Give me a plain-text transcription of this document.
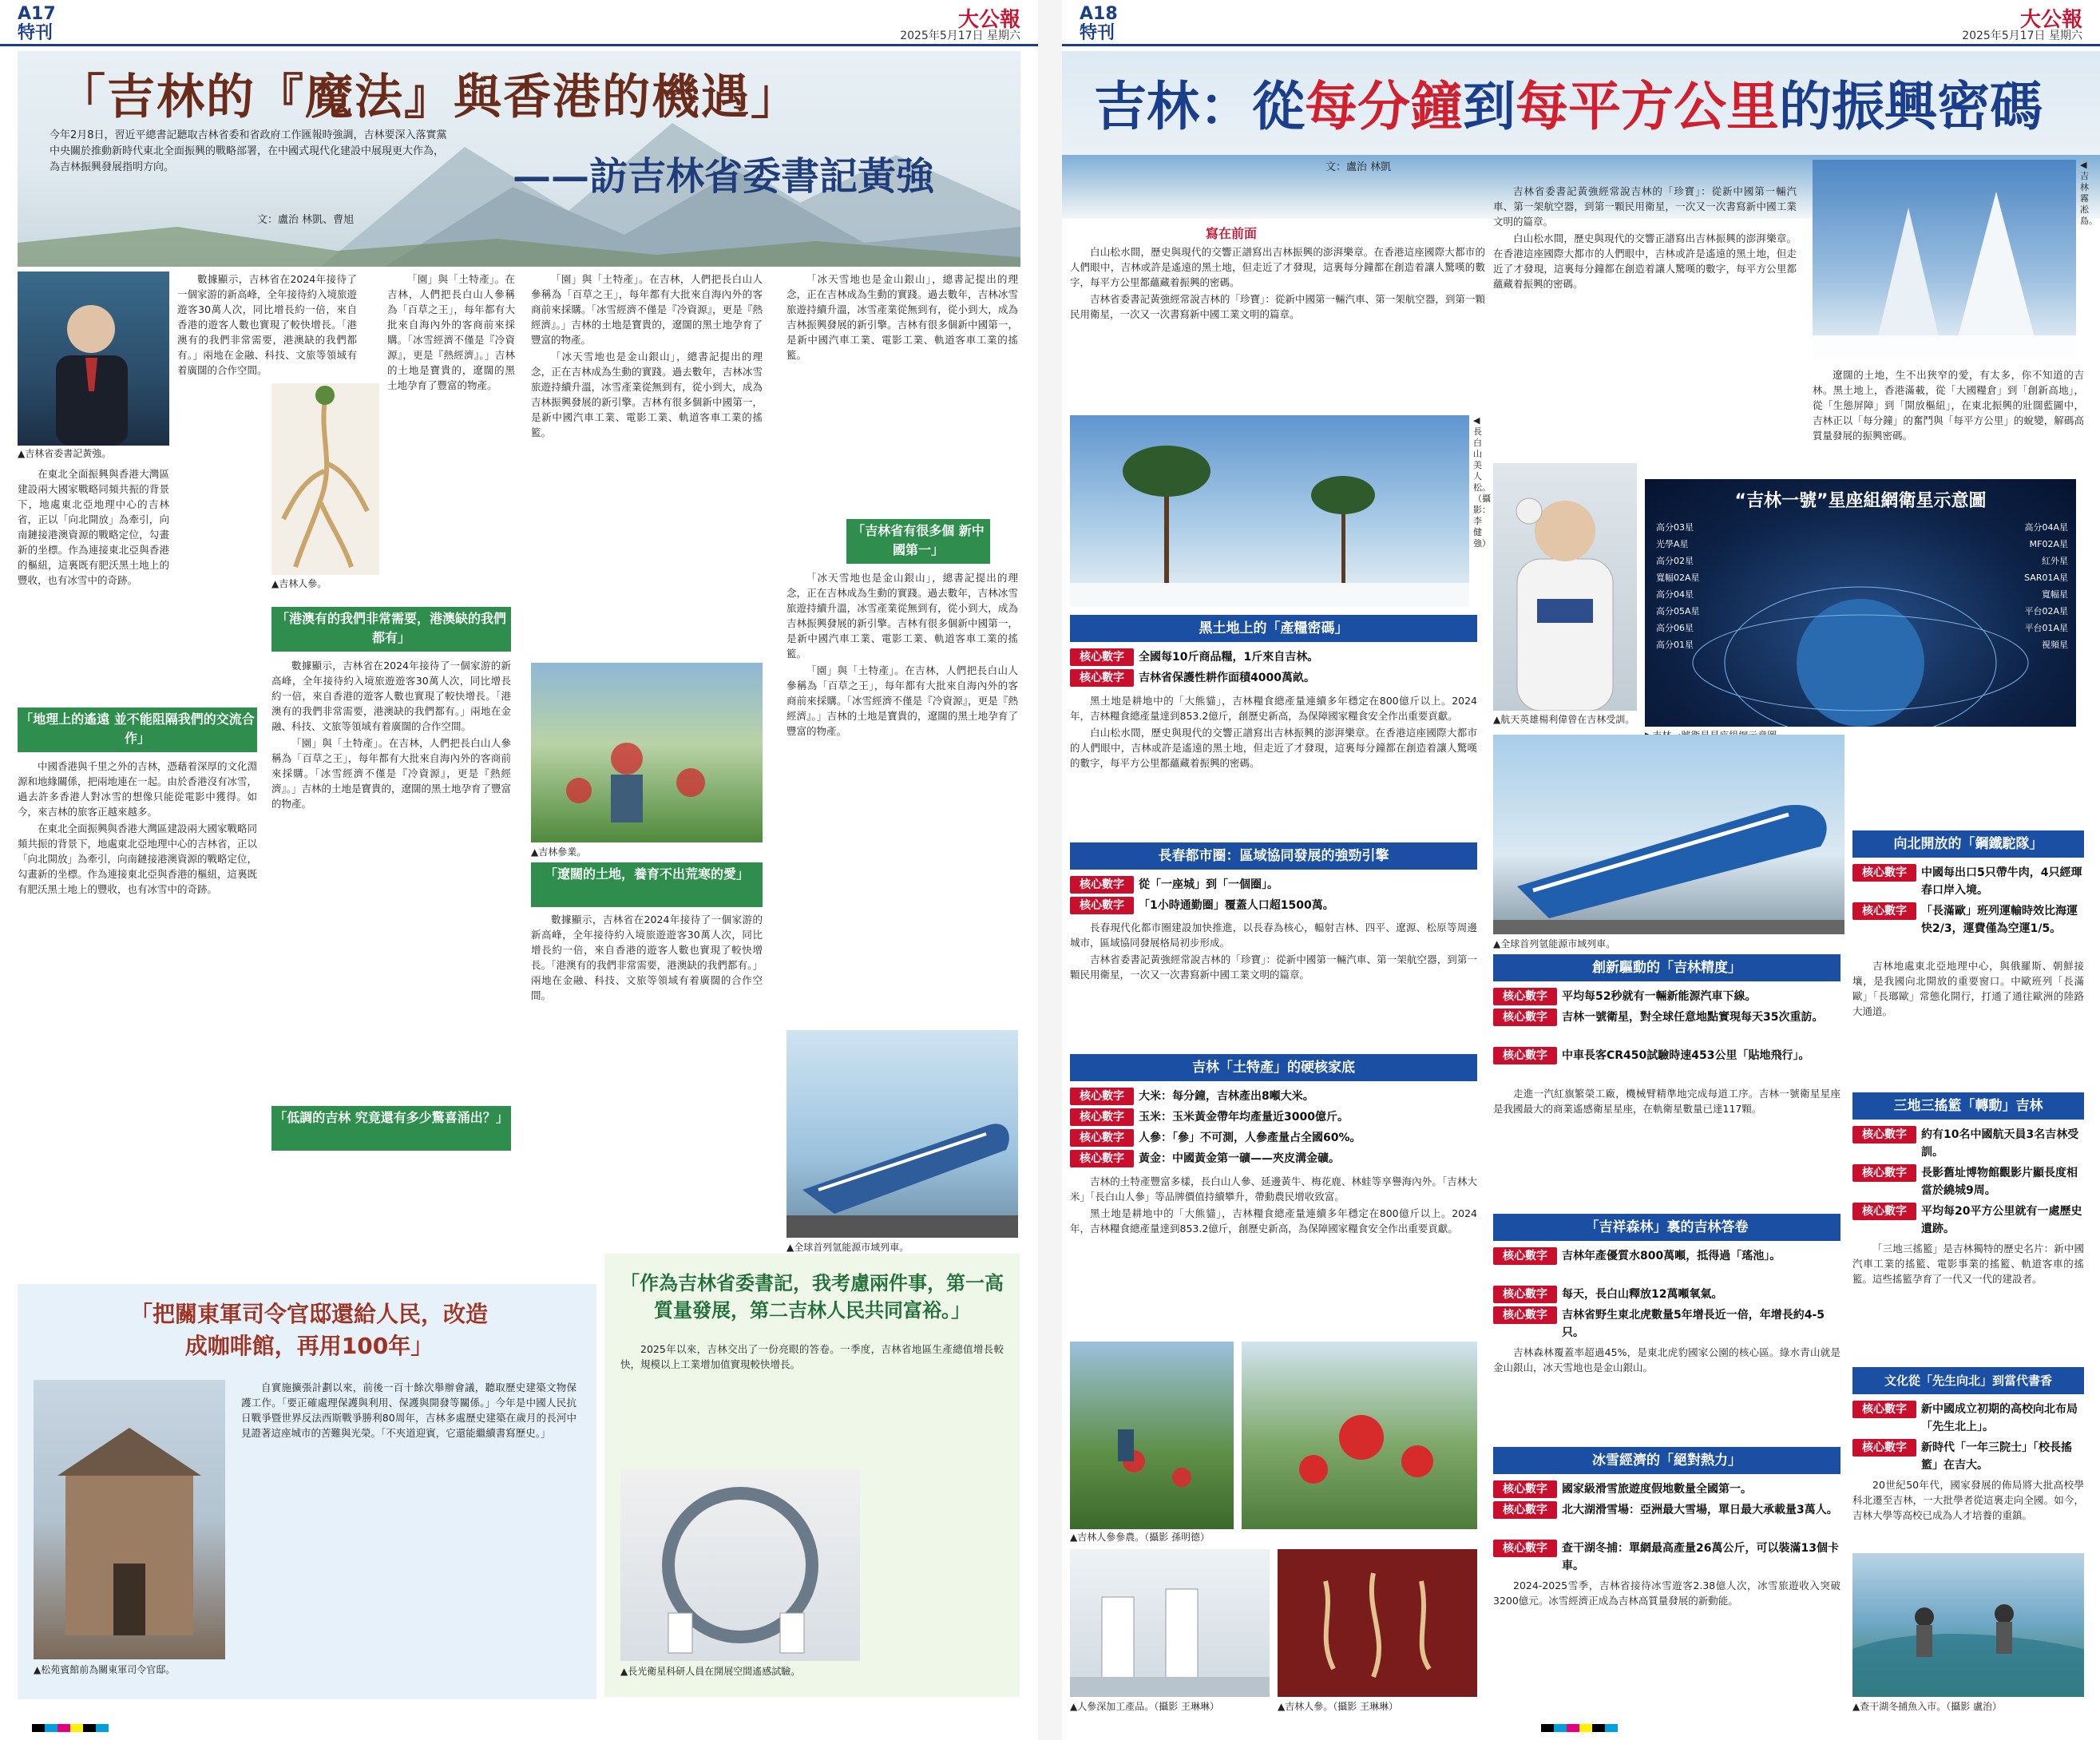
A17
特刊
大公報
2025年5月17日 星期六
「吉林的『魔法』與香港的機遇」
——訪吉林省委書記黃強
今年2月8日，習近平總書記聽取吉林省委和省政府工作匯報時強調，吉林要深入落實黨中央關於推動新時代東北全面振興的戰略部署，在中國式現代化建設中展現更大作為，為吉林振興發展指明方向。
文：盧治 林凱、曹旭
▲吉林省委書記黃強。

在東北全面振興與香港大灣區建設兩大國家戰略同頻共振的背景下，地處東北亞地理中心的吉林省，正以「向北開放」為牽引，向南鏈接港澳資源的戰略定位，勾畫新的坐標。作為連接東北亞與香港的樞紐，這裏既有肥沃黑土地上的豐收，也有冰雪中的奇跡。

「地理上的遙遠 並不能阻隔我們的交流合作」

中國香港與千里之外的吉林，憑藉着深厚的文化淵源和地緣關係，把兩地連在一起。由於香港沒有冰雪，過去許多香港人對冰雪的想像只能從電影中獲得。如今，來吉林的旅客正越來越多。

在東北全面振興與香港大灣區建設兩大國家戰略同頻共振的背景下，地處東北亞地理中心的吉林省，正以「向北開放」為牽引，向南鏈接港澳資源的戰略定位，勾畫新的坐標。作為連接東北亞與香港的樞紐，這裏既有肥沃黑土地上的豐收，也有冰雪中的奇跡。

數據顯示，吉林省在2024年接待了一個家游的新高峰，全年接待約入境旅遊遊客30萬人次，同比增長約一倍，來自香港的遊客人數也實現了較快增長。「港澳有的我們非常需要，港澳缺的我們都有。」兩地在金融、科技、文旅等領域有着廣闊的合作空間。

▲吉林人參。
「港澳有的我們非常需要，港澳缺的我們都有」

數據顯示，吉林省在2024年接待了一個家游的新高峰，全年接待約入境旅遊遊客30萬人次，同比增長約一倍，來自香港的遊客人數也實現了較快增長。「港澳有的我們非常需要，港澳缺的我們都有。」兩地在金融、科技、文旅等領域有着廣闊的合作空間。

「園」與「土特產」。在吉林，人們把長白山人參稱為「百草之王」，每年都有大批來自海內外的客商前來採購。「冰雪經濟不僅是『冷資源』，更是『熱經濟』。」吉林的土地是寶貴的，遼闊的黑土地孕育了豐富的物產。

「低調的吉林 究竟還有多少驚喜涌出？」

「園」與「土特產」。在吉林，人們把長白山人參稱為「百草之王」，每年都有大批來自海內外的客商前來採購。「冰雪經濟不僅是『冷資源』，更是『熱經濟』。」吉林的土地是寶貴的，遼闊的黑土地孕育了豐富的物產。

▲吉林參業。

「園」與「土特產」。在吉林，人們把長白山人參稱為「百草之王」，每年都有大批來自海內外的客商前來採購。「冰雪經濟不僅是『冷資源』，更是『熱經濟』。」吉林的土地是寶貴的，遼闊的黑土地孕育了豐富的物產。

「冰天雪地也是金山銀山」，總書記提出的理念，正在吉林成為生動的實踐。過去數年，吉林冰雪旅遊持續升溫，冰雪產業從無到有，從小到大，成為吉林振興發展的新引擎。吉林有很多個新中國第一，是新中國汽車工業、電影工業、軌道客車工業的搖籃。

「遼闊的土地，養育不出荒寒的愛」

數據顯示，吉林省在2024年接待了一個家游的新高峰，全年接待約入境旅遊遊客30萬人次，同比增長約一倍，來自香港的遊客人數也實現了較快增長。「港澳有的我們非常需要，港澳缺的我們都有。」兩地在金融、科技、文旅等領域有着廣闊的合作空間。

「冰天雪地也是金山銀山」，總書記提出的理念，正在吉林成為生動的實踐。過去數年，吉林冰雪旅遊持續升溫，冰雪產業從無到有，從小到大，成為吉林振興發展的新引擎。吉林有很多個新中國第一，是新中國汽車工業、電影工業、軌道客車工業的搖籃。

「吉林省有很多個 新中國第一」

「冰天雪地也是金山銀山」，總書記提出的理念，正在吉林成為生動的實踐。過去數年，吉林冰雪旅遊持續升溫，冰雪產業從無到有，從小到大，成為吉林振興發展的新引擎。吉林有很多個新中國第一，是新中國汽車工業、電影工業、軌道客車工業的搖籃。

「園」與「土特產」。在吉林，人們把長白山人參稱為「百草之王」，每年都有大批來自海內外的客商前來採購。「冰雪經濟不僅是『冷資源』，更是『熱經濟』。」吉林的土地是寶貴的，遼闊的黑土地孕育了豐富的物產。

▲全球首列氫能源市域列車。
「把關東軍司令官邸還給人民，改造成咖啡館，再用100年」
▲松苑賓館前為關東軍司令官邸。

自實施擴張計劃以來，前後一百十餘次舉辦會議，聽取歷史建築文物保護工作。「要正確處理保護與利用、保護與開發等關係。」今年是中國人民抗日戰爭暨世界反法西斯戰爭勝利80周年，吉林多處歷史建築在歲月的長河中見證著這座城市的苦難與光榮。「不夾道迎賓，它還能繼續書寫歷史。」

「作為吉林省委書記，我考慮兩件事，第一高質量發展，第二吉林人民共同富裕。」

2025年以來，吉林交出了一份亮眼的答卷。一季度，吉林省地區生產總值增長較快，規模以上工業增加值實現較快增長。

▲長光衛星科研人員在開展空間遙感試驗。
A18
特刊
大公報
2025年5月17日 星期六
吉林：從每分鐘到每平方公里的振興密碼
文：盧治 林凱
寫在前面

白山松水間，歷史與現代的交響正譜寫出吉林振興的澎湃樂章。在香港這座國際大都市的人們眼中，吉林或許是遙遠的黑土地，但走近了才發現，這裏每分鐘都在創造着讓人驚嘆的數字，每平方公里都蘊藏着振興的密碼。

吉林省委書記黃強經常說吉林的「珍寶」：從新中國第一輛汽車、第一架航空器，到第一顆民用衛星，一次又一次書寫新中國工業文明的篇章。

吉林省委書記黃強經常說吉林的「珍寶」：從新中國第一輛汽車、第一架航空器，到第一顆民用衛星，一次又一次書寫新中國工業文明的篇章。

白山松水間，歷史與現代的交響正譜寫出吉林振興的澎湃樂章。在香港這座國際大都市的人們眼中，吉林或許是遙遠的黑土地，但走近了才發現，這裏每分鐘都在創造着讓人驚嘆的數字，每平方公里都蘊藏着振興的密碼。

◀長白山美人松。（攝影：李健強）
▲航天英雄楊利偉曾在吉林受訓。
◀吉林霧凇島。

遼闊的土地，生不出狹窄的愛，有太多，你不知道的吉林。黑土地上，香港滿載，從「大國糧倉」到「創新高地」，從「生態屏障」到「開放樞紐」，在東北振興的壯闊藍圖中，吉林正以「每分鐘」的奮鬥與「每平方公里」的蛻變，解碼高質量發展的振興密碼。

“吉林一號”星座組網衛星示意圖
高分03星
光學A星
高分02星
寬幅02A星
高分04星
高分05A星
高分06星
高分01星
高分04A星
MF02A星
紅外星
SAR01A星
寬幅星
平台02A星
平台01A星
視頻星
黑土地上的「產糧密碼」
核心數字	全國每10斤商品糧，1斤來自吉林。
核心數字	吉林省保護性耕作面積4000萬畝。

黑土地是耕地中的「大熊貓」，吉林糧食總產量連續多年穩定在800億斤以上。2024年，吉林糧食總產量達到853.2億斤，創歷史新高，為保障國家糧食安全作出重要貢獻。

白山松水間，歷史與現代的交響正譜寫出吉林振興的澎湃樂章。在香港這座國際大都市的人們眼中，吉林或許是遙遠的黑土地，但走近了才發現，這裏每分鐘都在創造着讓人驚嘆的數字，每平方公里都蘊藏着振興的密碼。

長春都市圈：區域協同發展的強勁引擎
核心數字	從「一座城」到「一個圈」。
核心數字	「1小時通勤圈」覆蓋人口超1500萬。

長春現代化都市圈建設加快推進，以長春為核心，輻射吉林、四平、遼源、松原等周邊城市，區域協同發展格局初步形成。

吉林省委書記黃強經常說吉林的「珍寶」：從新中國第一輛汽車、第一架航空器，到第一顆民用衛星，一次又一次書寫新中國工業文明的篇章。

吉林「土特產」的硬核家底
核心數字	大米：每分鐘，吉林產出8噸大米。
核心數字	玉米：玉米黃金帶年均產量近3000億斤。
核心數字	人參：「參」不可測，人參產量占全國60%。
核心數字	黃金：中國黃金第一礦——夾皮溝金礦。

吉林的土特產豐富多樣，長白山人參、延邊黃牛、梅花鹿、林蛙等享譽海內外。「吉林大米」「長白山人參」等品牌價值持續攀升，帶動農民增收致富。

黑土地是耕地中的「大熊貓」，吉林糧食總產量連續多年穩定在800億斤以上。2024年，吉林糧食總產量達到853.2億斤，創歷史新高，為保障國家糧食安全作出重要貢獻。

▲吉林人參參農。（攝影 孫明德）
▲人參深加工產品。（攝影 王琳琳）	▲吉林人參。（攝影 王琳琳）
▲全球首列氫能源市域列車。
創新驅動的「吉林精度」
核心數字	平均每52秒就有一輛新能源汽車下線。
核心數字	吉林一號衛星，對全球任意地點實現每天35次重訪。
核心數字	中車長客CR450試驗時速453公里「貼地飛行」。

走進一汽紅旗繁榮工廠，機械臂精準地完成每道工序。吉林一號衛星星座是我國最大的商業遙感衛星星座，在軌衛星數量已達117顆。

「吉祥森林」裏的吉林答卷
核心數字	吉林年產優質水800萬噸，抵得過「瑤池」。
核心數字	每天，長白山釋放12萬噸氧氣。
核心數字	吉林省野生東北虎數量5年增長近一倍，年增長約4-5只。

吉林森林覆蓋率超過45%，是東北虎豹國家公園的核心區。綠水青山就是金山銀山，冰天雪地也是金山銀山。

冰雪經濟的「絕對熱力」
核心數字	國家級滑雪旅遊度假地數量全國第一。
核心數字	北大湖滑雪場：亞洲最大雪場，單日最大承載量3萬人。
核心數字	查干湖冬捕：單網最高產量26萬公斤，可以裝滿13個卡車。

2024-2025雪季，吉林省接待冰雪遊客2.38億人次，冰雪旅遊收入突破3200億元。冰雪經濟正成為吉林高質量發展的新動能。

向北開放的「鋼鐵駝隊」
核心數字	中國每出口5只帶牛肉，4只經琿春口岸入境。
核心數字	「長滿歐」班列運輸時效比海運快2/3，運費僅為空運1/5。

吉林地處東北亞地理中心，與俄羅斯、朝鮮接壤，是我國向北開放的重要窗口。中歐班列「長滿歐」「長瑯歐」常態化開行，打通了通往歐洲的陸路大通道。

三地三搖籃「轉動」吉林
核心數字	約有10名中國航天員3名吉林受訓。
核心數字	長影舊址博物館觀影片顯長度相當於繞城9周。
核心數字	平均每20平方公里就有一處歷史遺跡。

「三地三搖籃」是吉林獨特的歷史名片：新中國汽車工業的搖籃、電影事業的搖籃、軌道客車的搖籃。這些搖籃孕育了一代又一代的建設者。

文化從「先生向北」到當代書香
核心數字	新中國成立初期的高校向北布局「先生北上」。
核心數字	新時代「一年三院士」「校長搖籃」在吉大。

20世紀50年代，國家發展的佈局將大批高校學科北遷至吉林，一大批學者從這裏走向全國。如今，吉林大學等高校已成為人才培養的重鎮。

▲查干湖冬捕魚入市。（攝影 盧治）
